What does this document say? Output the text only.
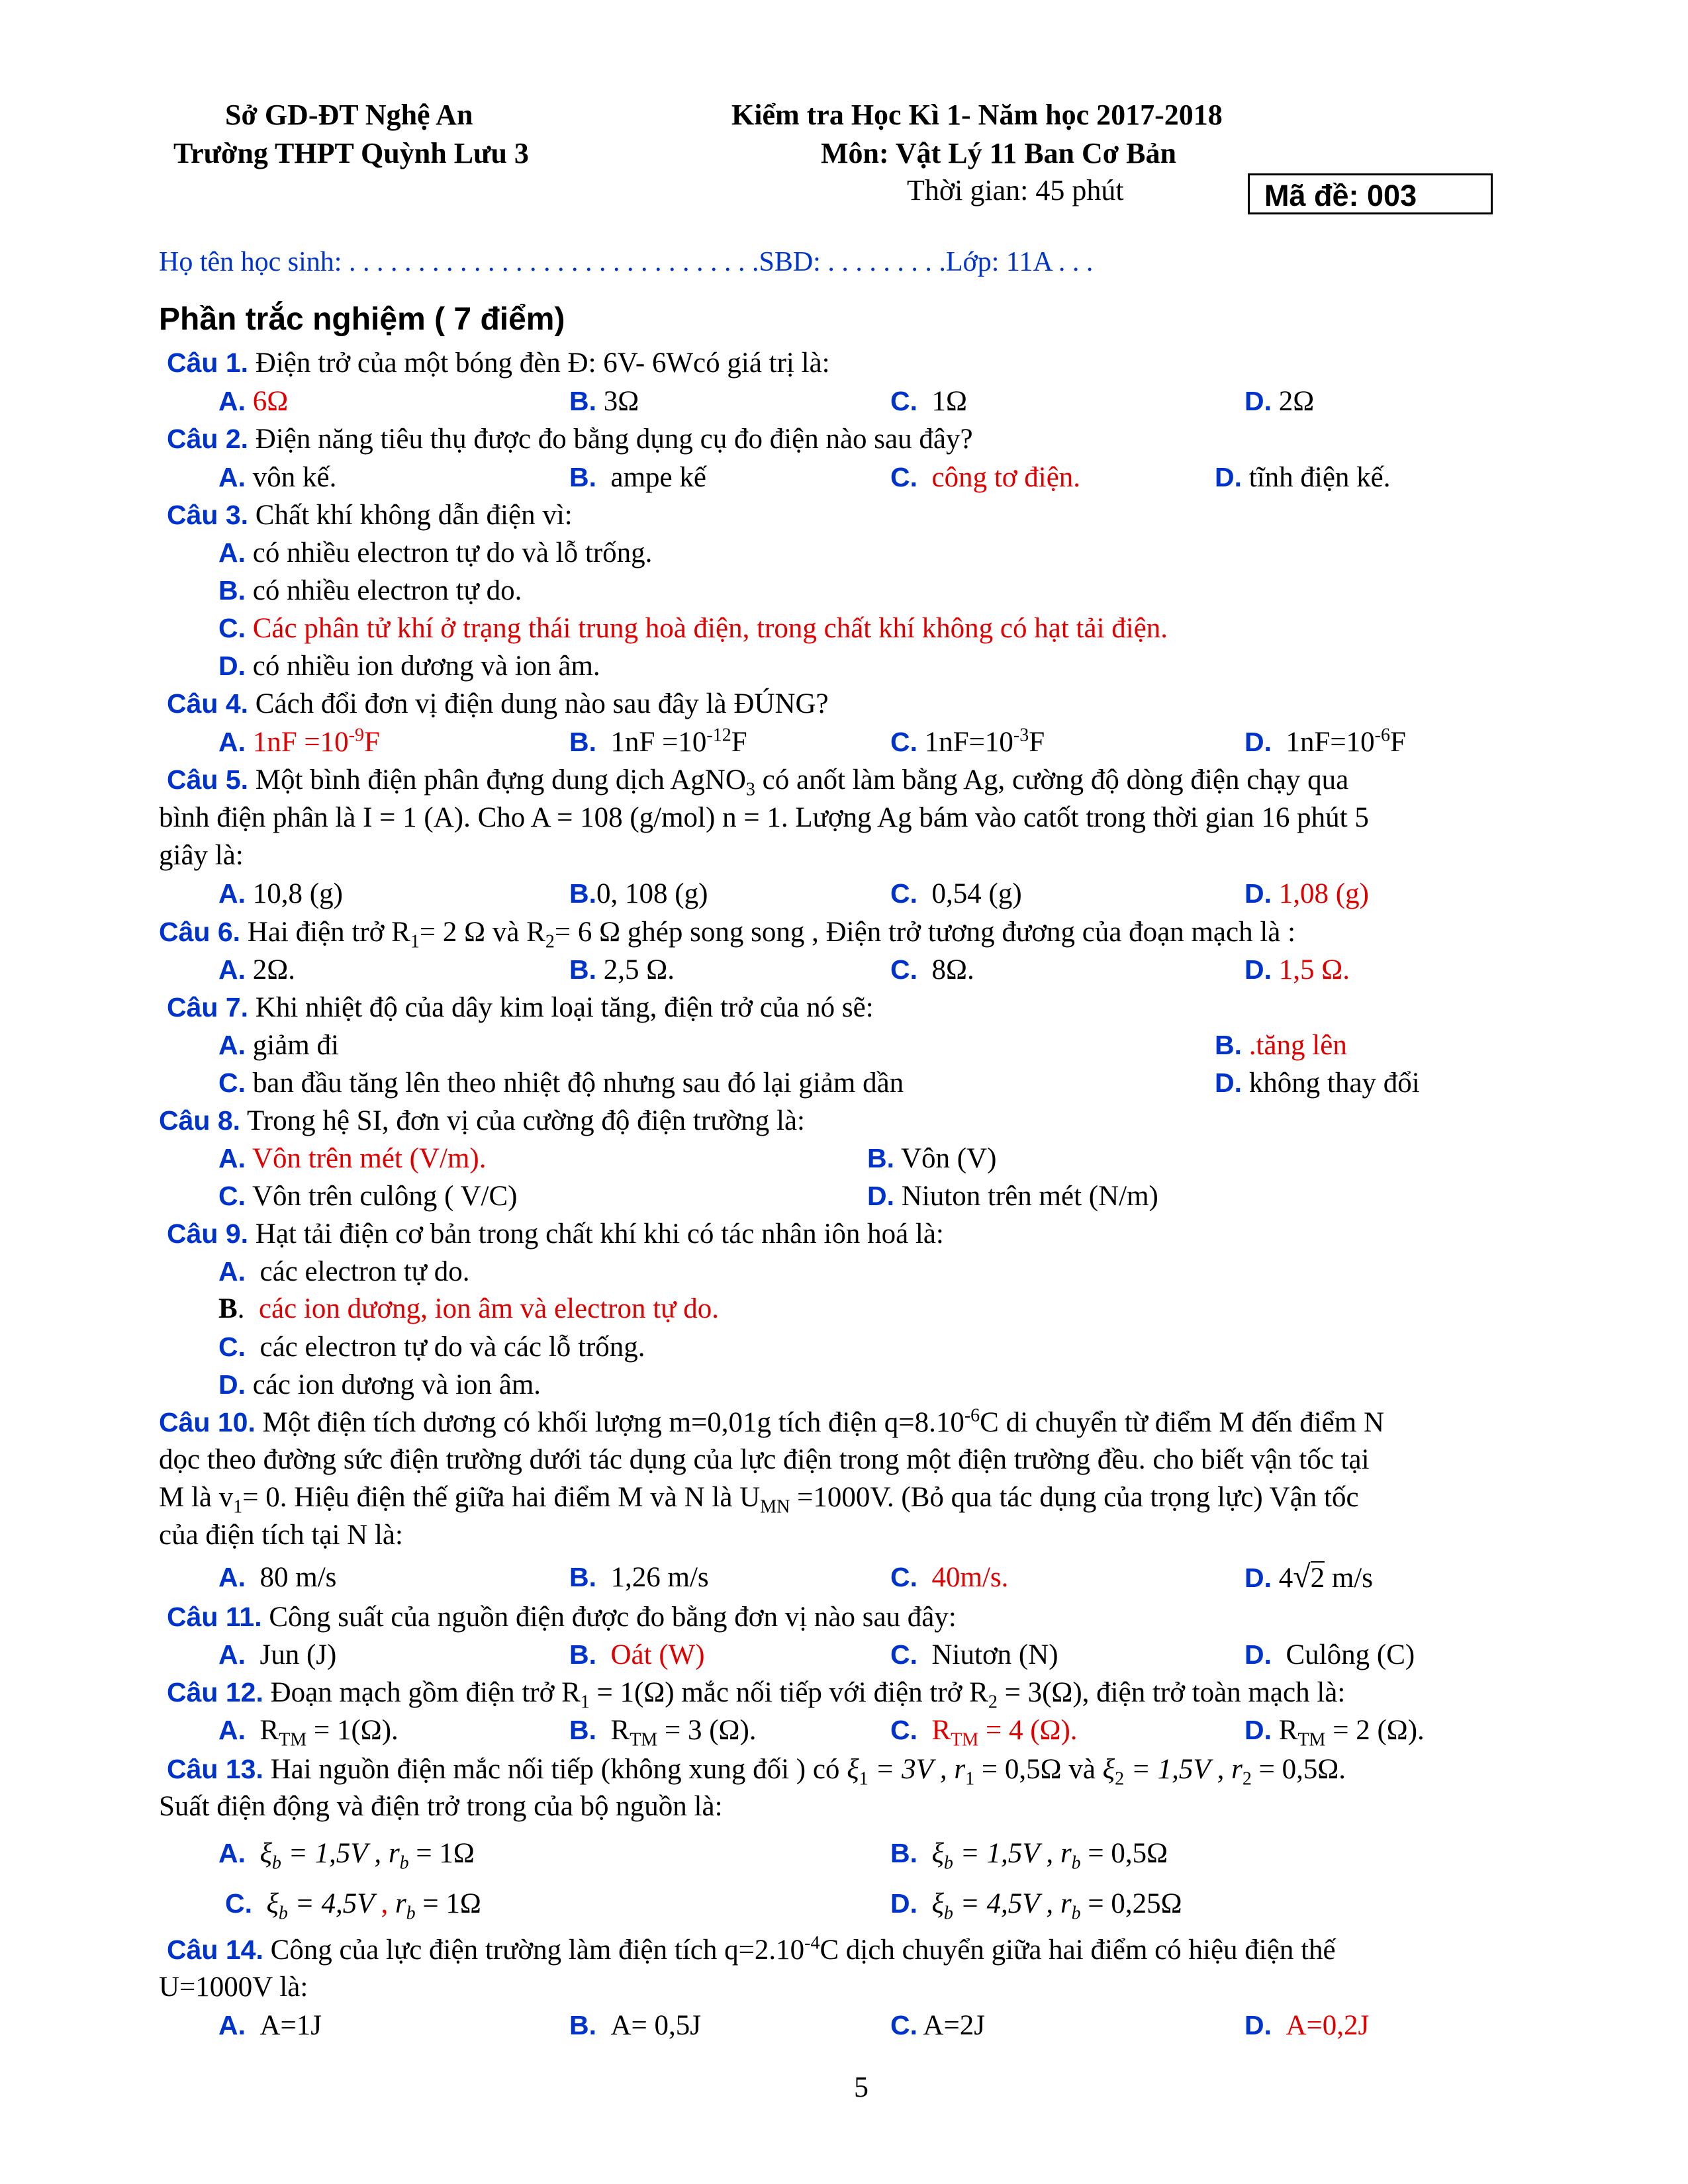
Sở GD-ĐT Nghệ An
Trường THPT Quỳnh Lưu 3
Kiểm tra Học Kì 1- Năm học 2017-2018
Môn: Vật Lý 11 Ban Cơ Bản
Thời gian: 45 phút	Mã đề: 003
Họ tên học sinh: . . . . . . . . . . . . . . . . . . . . . . . . . . . . . .SBD: . . . . . . . . .Lớp: 11A . . .
Phần trắc nghiệm ( 7 điểm)
Câu 1. Điện trở của một bóng đèn Đ: 6V- 6Wcó giá trị là:
A. 6Ω	B. 3Ω	C. 1Ω	D. 2Ω
Câu 2. Điện năng tiêu thụ được đo bằng dụng cụ đo điện nào sau đây?
A. vôn kế.	B. ampe kế	C. công tơ điện.	D. tĩnh điện kế.
Câu 3. Chất khí không dẫn điện vì:
A. có nhiều electron tự do và lỗ trống.
B. có nhiều electron tự do.
C. Các phân tử khí ở trạng thái trung hoà điện, trong chất khí không có hạt tải điện.
D. có nhiều ion dương và ion âm.
Câu 4. Cách đổi đơn vị điện dung nào sau đây là ĐÚNG?
A. $1nF =10^{-9}F$	B. $1nF =10^{-12}F$	C. $1nF=10^{-3}F$	D. $1nF=10^{-6}F$
Câu 5. Một bình điện phân đựng dung dịch AgNO$_3$ có anốt làm bằng Ag, cường độ dòng điện chạy qua
bình điện phân là I = 1 (A). Cho A = 108 (g/mol) n = 1. Lượng Ag bám vào catốt trong thời gian 16 phút 5
giây là:
A. 10,8 (g)	B.0, 108 (g)	C. 0,54 (g)	D. 1,08 (g)
Câu 6. Hai điện trở $R_1= 2$ Ω và $R_2= 6$ Ω ghép song song , Điện trở tương đương của đoạn mạch là :
A. 2Ω.	B. 2,5 Ω.	C. 8Ω.	D. 1,5 Ω.
Câu 7. Khi nhiệt độ của dây kim loại tăng, điện trở của nó sẽ:
A. giảm đi	B. .tăng lên
C. ban đầu tăng lên theo nhiệt độ nhưng sau đó lại giảm dần	D. không thay đổi
Câu 8. Trong hệ SI, đơn vị của cường độ điện trường là:
A. Vôn trên mét (V/m).	B. Vôn (V)
C. Vôn trên culông ( V/C)	D. Niuton trên mét (N/m)
Câu 9. Hạt tải điện cơ bản trong chất khí khi có tác nhân iôn hoá là:
A. các electron tự do.
B.  các ion dương, ion âm và electron tự do.
C. các electron tự do và các lỗ trống.
D. các ion dương và ion âm.
Câu 10. Một điện tích dương có khối lượng m=0,01g tích điện $q=8.10^{-6}C$ di chuyển từ điểm M đến điểm N
dọc theo đường sức điện trường dưới tác dụng của lực điện trong một điện trường đều. cho biết vận tốc tại
M là $v_1= 0$. Hiệu điện thế giữa hai điểm M và N là $U_{MN} =1000V$. (Bỏ qua tác dụng của trọng lực) Vận tốc
của điện tích tại N là:
A. 80 m/s	B. 1,26 m/s	C. 40m/s.	D. 4√2 m/s
Câu 11. Công suất của nguồn điện được đo bằng đơn vị nào sau đây:
A. Jun (J)	B. Oát (W)	C. Niutơn (N)	D. Culông (C)
Câu 12. Đoạn mạch gồm điện trở $R_1 = 1(\Omega)$ mắc nối tiếp với điện trở $R_2 = 3(\Omega)$, điện trở toàn mạch là:
A. $R_{TM} = 1(\Omega)$.	B. $R_{TM} = 3$ (Ω).	C. $R_{TM} = 4$ (Ω).	D. $R_{TM} = 2$ (Ω).
Câu 13. Hai nguồn điện mắc nối tiếp (không xung đối ) có $\xi_1 = 3V$ , $r_1 = 0,5\Omega$ và $\xi_2 = 1,5V$ , $r_2 = 0,5\Omega$.
Suất điện động và điện trở trong của bộ nguồn là:
A. $\xi_b = 1,5V$ , $r_b = 1\Omega$	B. $\xi_b = 1,5V$ , $r_b = 0,5\Omega$
C. $\xi_b = 4,5V$ , $r_b = 1\Omega$	D. $\xi_b = 4,5V$ , $r_b = 0,25\Omega$
Câu 14. Công của lực điện trường làm điện tích $q=2.10^{-4}C$ dịch chuyển giữa hai điểm có hiệu điện thế
U=1000V là:
A. A=1J	B. A= 0,5J	C. A=2J	D. A=0,2J
5
